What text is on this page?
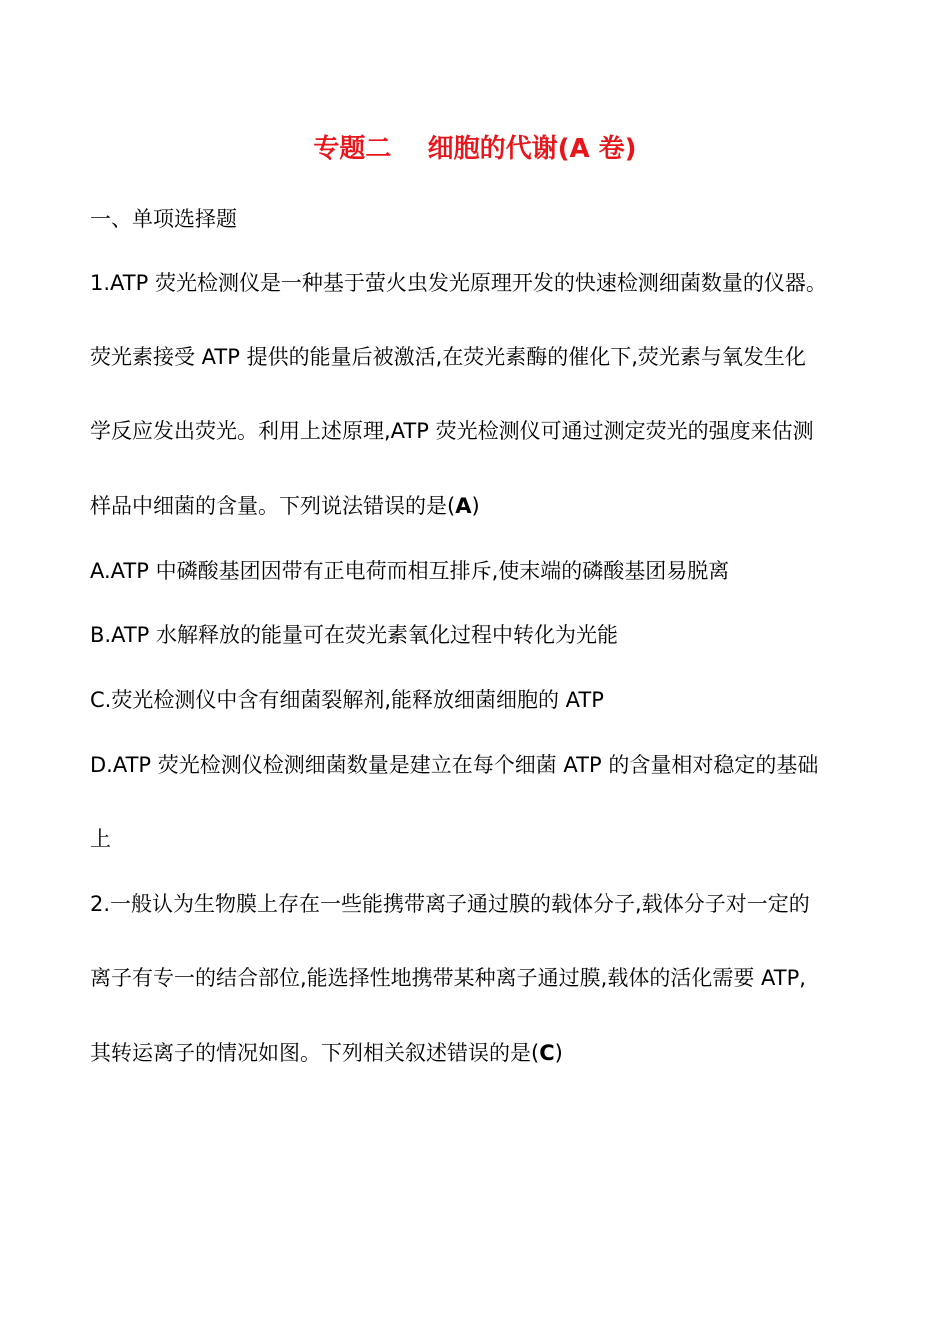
专题二    细胞的代谢(A 卷)
一、单项选择题
1.ATP 荧光检测仪是一种基于萤火虫发光原理开发的快速检测细菌数量的仪器。
荧光素接受 ATP 提供的能量后被激活,在荧光素酶的催化下,荧光素与氧发生化
学反应发出荧光。利用上述原理,ATP 荧光检测仪可通过测定荧光的强度来估测
样品中细菌的含量。下列说法错误的是(A)
A.ATP 中磷酸基团因带有正电荷而相互排斥,使末端的磷酸基团易脱离
B.ATP 水解释放的能量可在荧光素氧化过程中转化为光能
C.荧光检测仪中含有细菌裂解剂,能释放细菌细胞的 ATP
D.ATP 荧光检测仪检测细菌数量是建立在每个细菌 ATP 的含量相对稳定的基础
上
2.一般认为生物膜上存在一些能携带离子通过膜的载体分子,载体分子对一定的
离子有专一的结合部位,能选择性地携带某种离子通过膜,载体的活化需要 ATP,
其转运离子的情况如图。下列相关叙述错误的是(C)
